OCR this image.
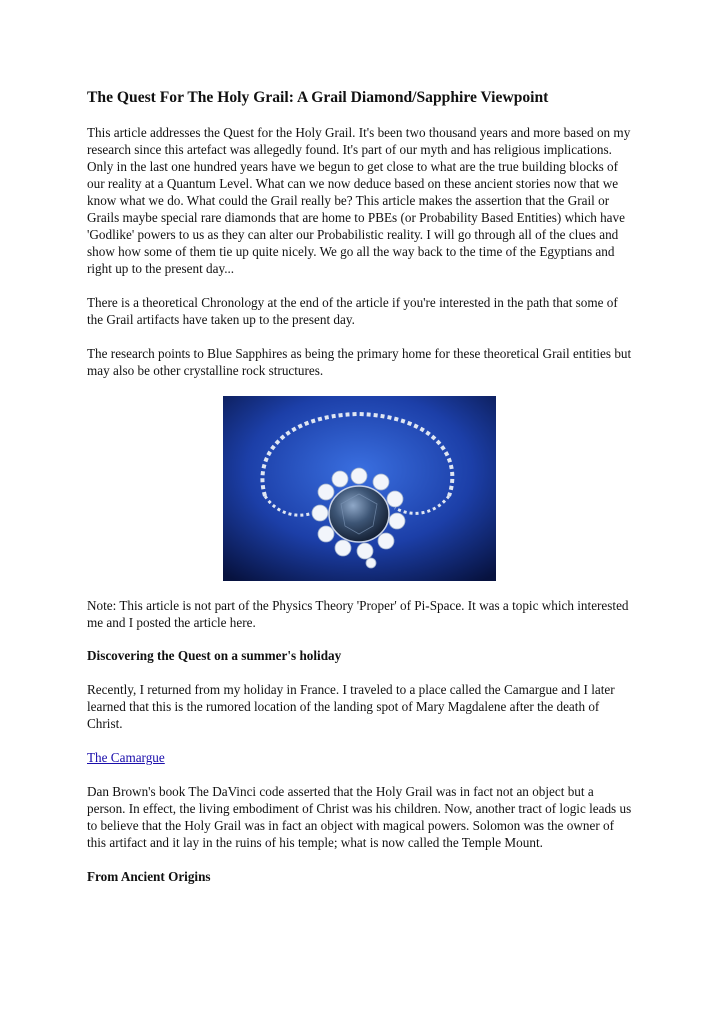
The Quest For The Holy Grail: A Grail Diamond/Sapphire Viewpoint

This article addresses the Quest for the Holy Grail. It's been two thousand years and more based on my research since this artefact was allegedly found. It's part of our myth and has religious implications. Only in the last one hundred years have we begun to get close to what are the true building blocks of our reality at a Quantum Level. What can we now deduce based on these ancient stories now that we know what we do. What could the Grail really be? This article makes the assertion that the Grail or Grails maybe special rare diamonds that are home to PBEs (or Probability Based Entities) which have 'Godlike' powers to us as they can alter our Probabilistic reality. I will go through all of the clues and show how some of them tie up quite nicely. We go all the way back to the time of the Egyptians and right up to the present day...

There is a theoretical Chronology at the end of the article if you're interested in the path that some of the Grail artifacts have taken up to the present day.

The research points to Blue Sapphires as being the primary home for these theoretical Grail entities but may also be other crystalline rock structures.

Note: This article is not part of the Physics Theory 'Proper' of Pi-Space. It was a topic which interested me and I posted the article here.

Discovering the Quest on a summer's holiday

Recently, I returned from my holiday in France. I traveled to a place called the Camargue and I later learned that this is the rumored location of the landing spot of Mary Magdalene after the death of Christ.

The Camargue

Dan Brown's book The DaVinci code asserted that the Holy Grail was in fact not an object but a person. In effect, the living embodiment of Christ was his children. Now, another tract of logic leads us to believe that the Holy Grail was in fact an object with magical powers. Solomon was the owner of this artifact and it lay in the ruins of his temple; what is now called the Temple Mount.

From Ancient Origins
